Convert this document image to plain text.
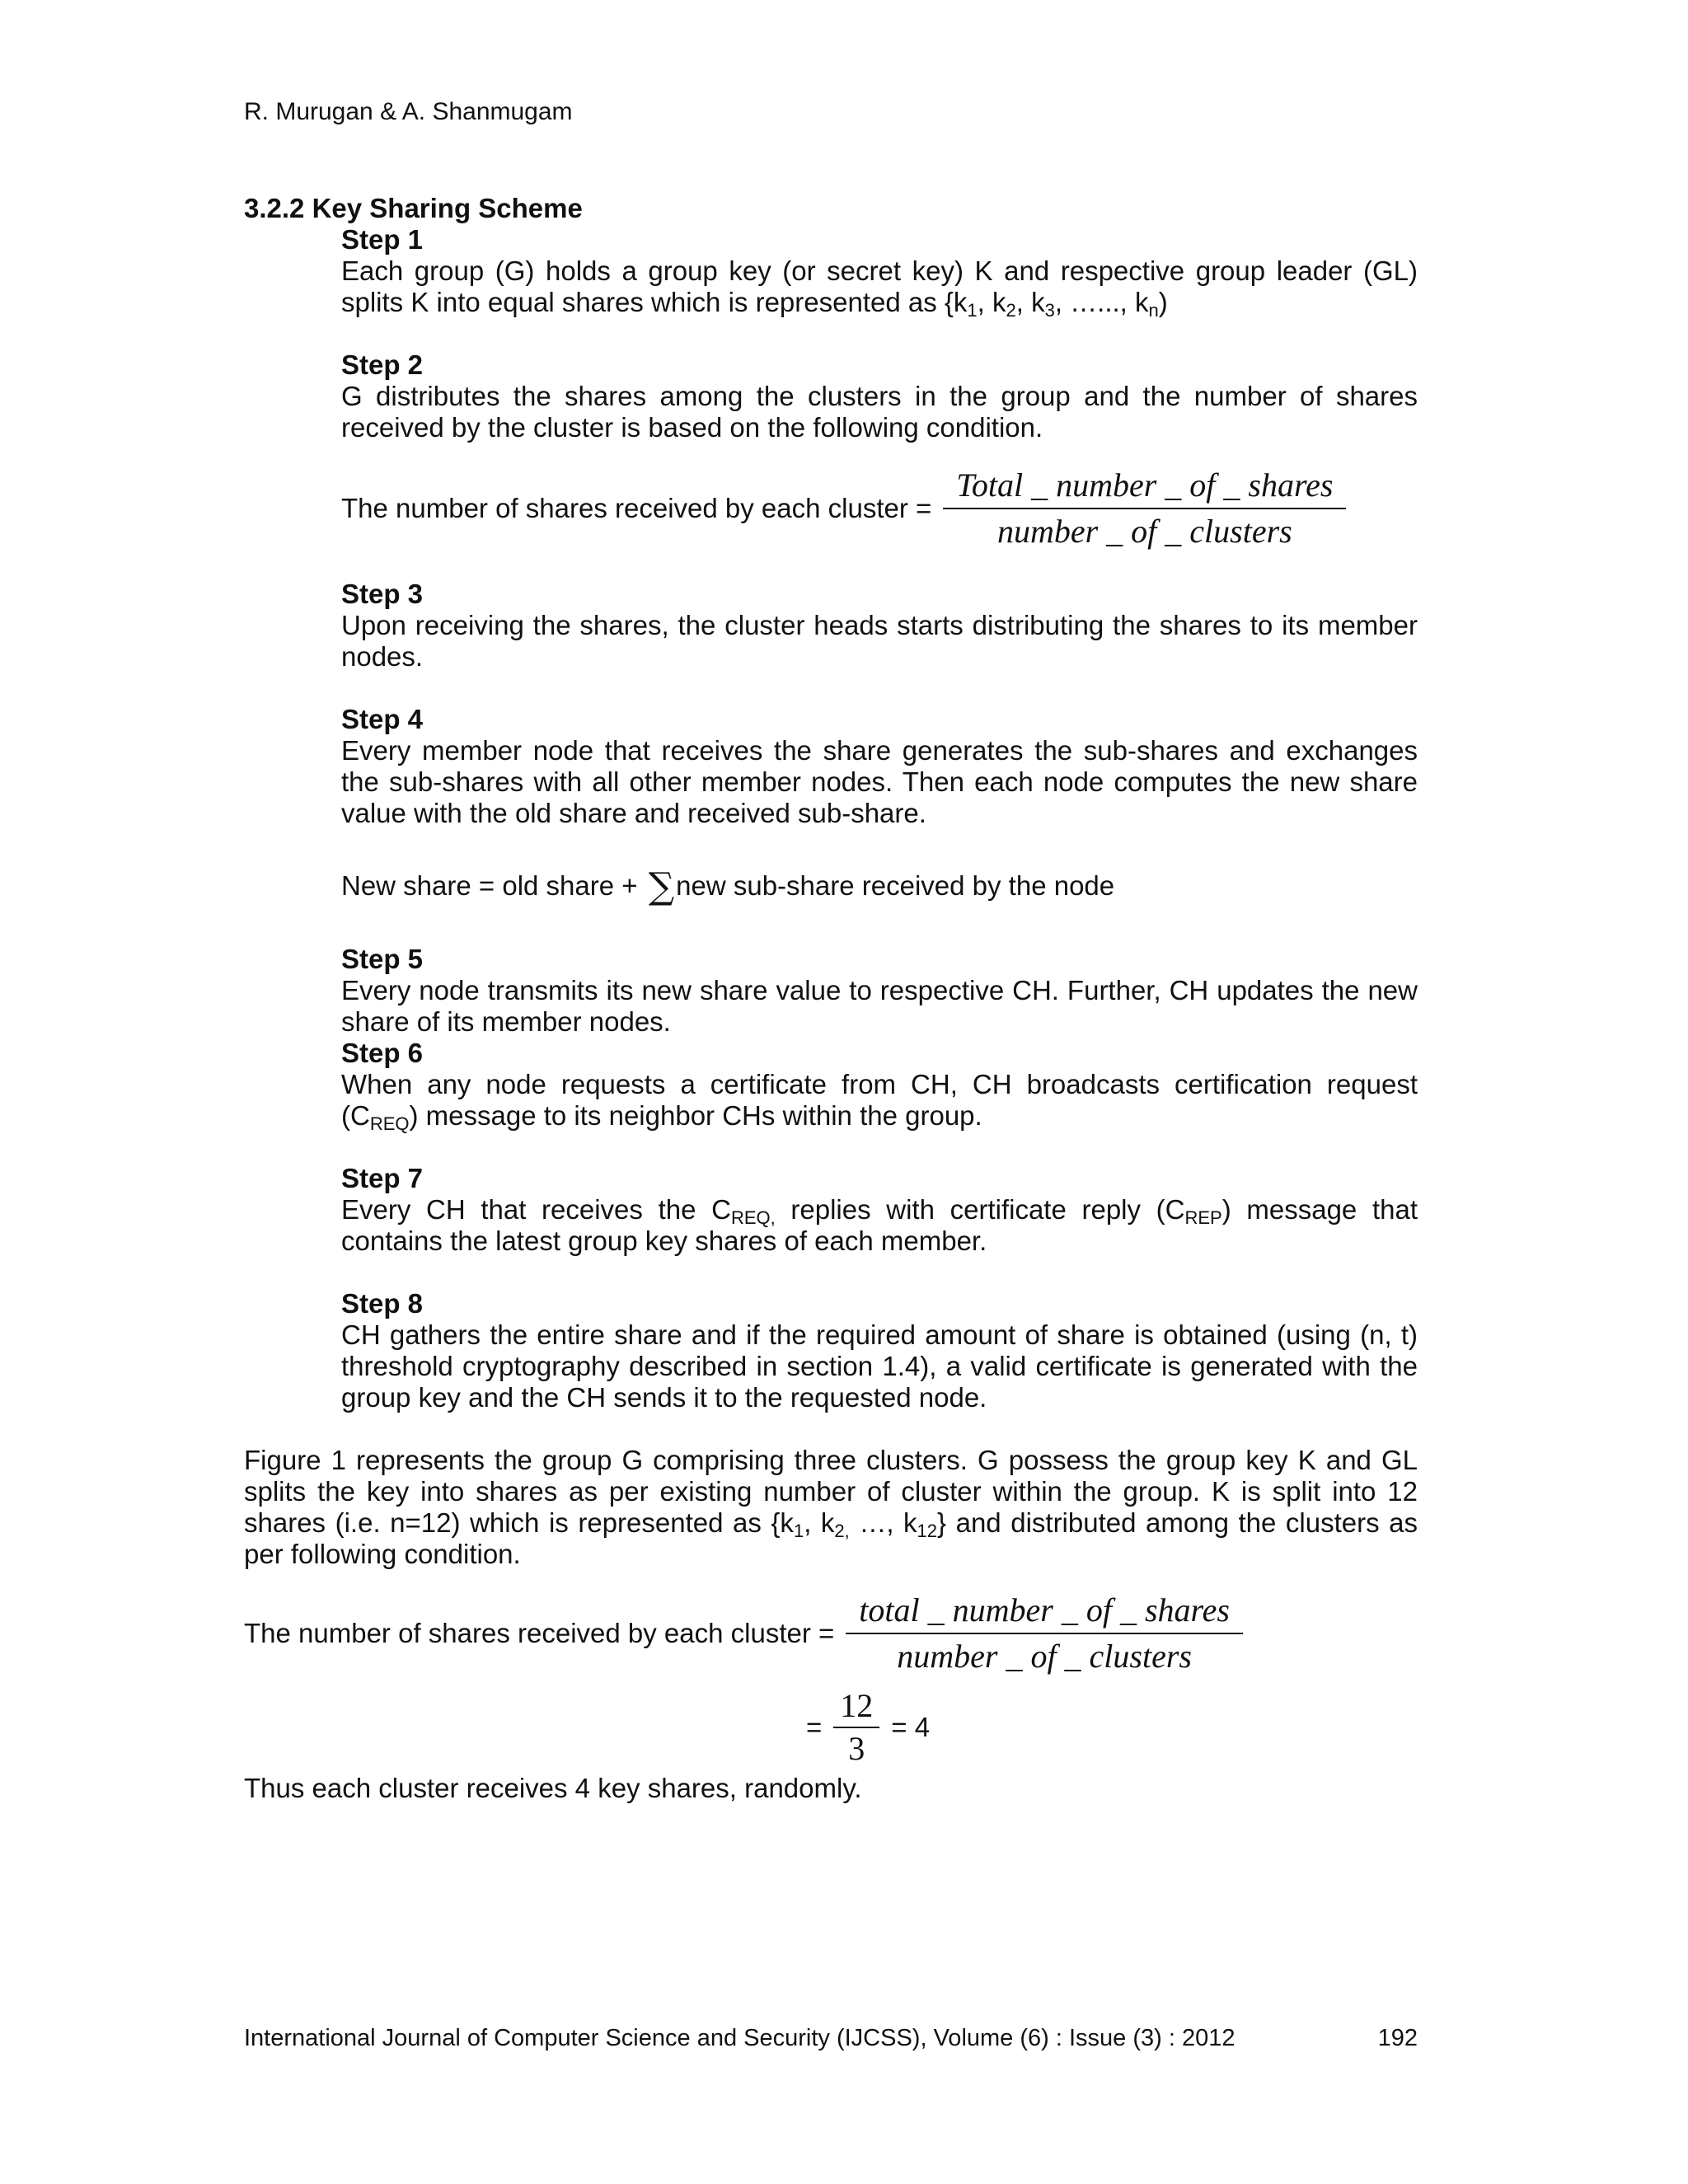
R. Murugan & A. Shanmugam
3.2.2 Key Sharing Scheme
Step 1
Each group (G) holds a group key (or secret key) K and respective group leader (GL) splits K into equal shares which is represented as {$k_1$, $k_2$, $k_3$, …..., $k_n$)
Step 2
G distributes the shares among the clusters in the group and the number of shares received by the cluster is based on the following condition.
The number of shares received by each cluster = $\frac{\text{Total \_ number \_ of \_ shares}}{\text{number \_ of \_ clusters}}$
Step 3
Upon receiving the shares, the cluster heads starts distributing the shares to its member nodes.
Step 4
Every member node that receives the share generates the sub-shares and exchanges the sub-shares with all other member nodes. Then each node computes the new share value with the old share and received sub-share.
New share = old share + ∑new sub-share received by the node
Step 5
Every node transmits its new share value to respective CH. Further, CH updates the new share of its member nodes.
Step 6
When any node requests a certificate from CH, CH broadcasts certification request $(C_{REQ})$ message to its neighbor CHs within the group.
Step 7
Every CH that receives the $C_{REQ,}$ replies with certificate reply $(C_{REP})$ message that contains the latest group key shares of each member.
Step 8
CH gathers the entire share and if the required amount of share is obtained (using (n, t) threshold cryptography described in section 1.4), a valid certificate is generated with the group key and the CH sends it to the requested node.
Figure 1 represents the group G comprising three clusters. G possess the group key K and GL splits the key into shares as per existing number of cluster within the group. K is split into 12 shares (i.e. n=12) which is represented as {$k_1$, $k_{2,}$ …, $k_{12}$} and distributed among the clusters as per following condition.
The number of shares received by each cluster = $\frac{\text{total \_ number \_ of \_ shares}}{\text{number \_ of \_ clusters}}$
= $\frac{12}{3} = 4$
Thus each cluster receives 4 key shares, randomly.
International Journal of Computer Science and Security (IJCSS), Volume (6) : Issue (3) : 2012	192
